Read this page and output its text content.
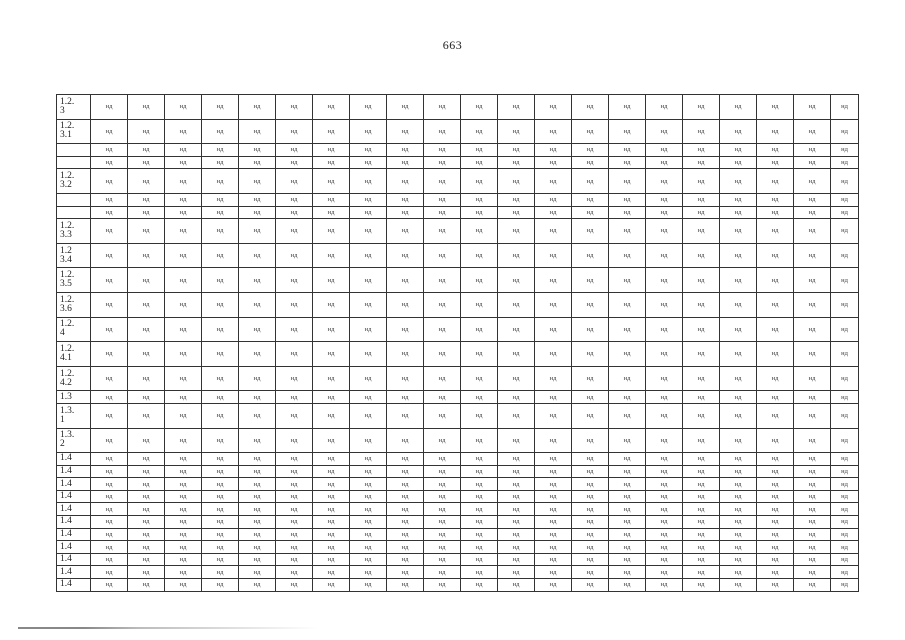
663
1.2.
3	нд	нд	нд	нд	нд	нд	нд	нд	нд	нд	нд	нд	нд	нд	нд	нд	нд	нд	нд	нд	нд
1.2.
3.1	нд	нд	нд	нд	нд	нд	нд	нд	нд	нд	нд	нд	нд	нд	нд	нд	нд	нд	нд	нд	нд
	нд	нд	нд	нд	нд	нд	нд	нд	нд	нд	нд	нд	нд	нд	нд	нд	нд	нд	нд	нд	нд
	нд	нд	нд	нд	нд	нд	нд	нд	нд	нд	нд	нд	нд	нд	нд	нд	нд	нд	нд	нд	нд
1.2.
3.2	нд	нд	нд	нд	нд	нд	нд	нд	нд	нд	нд	нд	нд	нд	нд	нд	нд	нд	нд	нд	нд
	нд	нд	нд	нд	нд	нд	нд	нд	нд	нд	нд	нд	нд	нд	нд	нд	нд	нд	нд	нд	нд
	нд	нд	нд	нд	нд	нд	нд	нд	нд	нд	нд	нд	нд	нд	нд	нд	нд	нд	нд	нд	нд
1.2.
3.3	нд	нд	нд	нд	нд	нд	нд	нд	нд	нд	нд	нд	нд	нд	нд	нд	нд	нд	нд	нд	нд
1.2
3.4	нд	нд	нд	нд	нд	нд	нд	нд	нд	нд	нд	нд	нд	нд	нд	нд	нд	нд	нд	нд	нд
1.2.
3.5	нд	нд	нд	нд	нд	нд	нд	нд	нд	нд	нд	нд	нд	нд	нд	нд	нд	нд	нд	нд	нд
1.2.
3.6	нд	нд	нд	нд	нд	нд	нд	нд	нд	нд	нд	нд	нд	нд	нд	нд	нд	нд	нд	нд	нд
1.2.
4	нд	нд	нд	нд	нд	нд	нд	нд	нд	нд	нд	нд	нд	нд	нд	нд	нд	нд	нд	нд	нд
1.2.
4.1	нд	нд	нд	нд	нд	нд	нд	нд	нд	нд	нд	нд	нд	нд	нд	нд	нд	нд	нд	нд	нд
1.2.
4.2	нд	нд	нд	нд	нд	нд	нд	нд	нд	нд	нд	нд	нд	нд	нд	нд	нд	нд	нд	нд	нд
1.3	нд	нд	нд	нд	нд	нд	нд	нд	нд	нд	нд	нд	нд	нд	нд	нд	нд	нд	нд	нд	нд
1.3.
1	нд	нд	нд	нд	нд	нд	нд	нд	нд	нд	нд	нд	нд	нд	нд	нд	нд	нд	нд	нд	нд
1.3.
2	нд	нд	нд	нд	нд	нд	нд	нд	нд	нд	нд	нд	нд	нд	нд	нд	нд	нд	нд	нд	нд
1.4	нд	нд	нд	нд	нд	нд	нд	нд	нд	нд	нд	нд	нд	нд	нд	нд	нд	нд	нд	нд	нд
1.4	нд	нд	нд	нд	нд	нд	нд	нд	нд	нд	нд	нд	нд	нд	нд	нд	нд	нд	нд	нд	нд
1.4	нд	нд	нд	нд	нд	нд	нд	нд	нд	нд	нд	нд	нд	нд	нд	нд	нд	нд	нд	нд	нд
1.4	нд	нд	нд	нд	нд	нд	нд	нд	нд	нд	нд	нд	нд	нд	нд	нд	нд	нд	нд	нд	нд
1.4	нд	нд	нд	нд	нд	нд	нд	нд	нд	нд	нд	нд	нд	нд	нд	нд	нд	нд	нд	нд	нд
1.4	нд	нд	нд	нд	нд	нд	нд	нд	нд	нд	нд	нд	нд	нд	нд	нд	нд	нд	нд	нд	нд
1.4	нд	нд	нд	нд	нд	нд	нд	нд	нд	нд	нд	нд	нд	нд	нд	нд	нд	нд	нд	нд	нд
1.4	нд	нд	нд	нд	нд	нд	нд	нд	нд	нд	нд	нд	нд	нд	нд	нд	нд	нд	нд	нд	нд
1.4	нд	нд	нд	нд	нд	нд	нд	нд	нд	нд	нд	нд	нд	нд	нд	нд	нд	нд	нд	нд	нд
1.4	нд	нд	нд	нд	нд	нд	нд	нд	нд	нд	нд	нд	нд	нд	нд	нд	нд	нд	нд	нд	нд
1.4	нд	нд	нд	нд	нд	нд	нд	нд	нд	нд	нд	нд	нд	нд	нд	нд	нд	нд	нд	нд	нд
